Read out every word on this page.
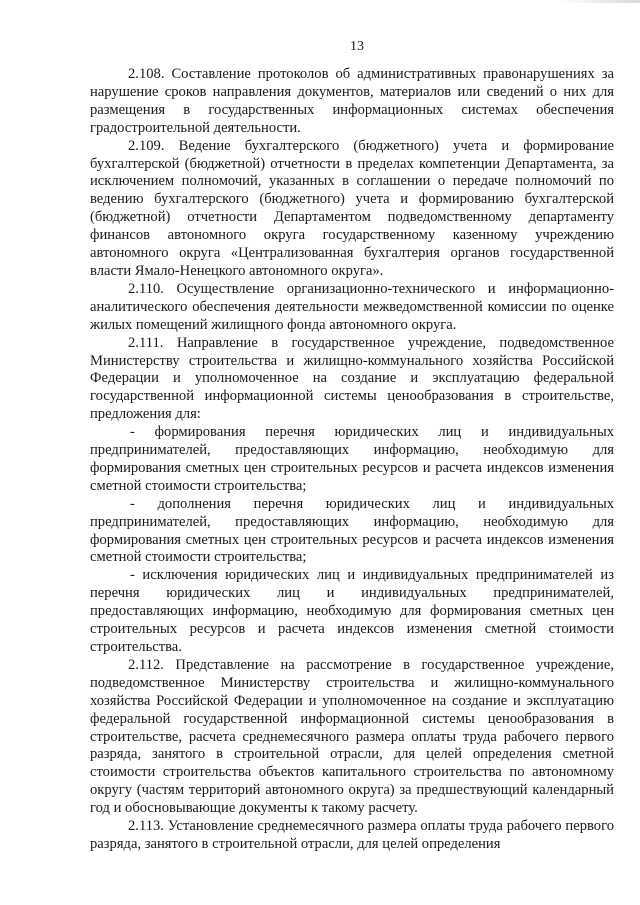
13

2.108. Составление протоколов об административных правонарушениях за нарушение сроков направления документов, материалов или сведений о них для размещения в государственных информационных системах обеспечения градостроительной деятельности.

2.109. Ведение бухгалтерского (бюджетного) учета и формирование бухгалтерской (бюджетной) отчетности в пределах компетенции Департамента, за исключением полномочий, указанных в соглашении о передаче полномочий по ведению бухгалтерского (бюджетного) учета и формированию бухгалтерской (бюджетной) отчетности Департаментом подведомственному департаменту финансов автономного округа государственному казенному учреждению автономного округа «Централизованная бухгалтерия органов государственной власти Ямало-Ненецкого автономного округа».

2.110. Осуществление организационно-технического и информационно-аналитического обеспечения деятельности межведомственной комиссии по оценке жилых помещений жилищного фонда автономного округа.

2.111. Направление в государственное учреждение, подведомственное Министерству строительства и жилищно-коммунального хозяйства Российской Федерации и уполномоченное на создание и эксплуатацию федеральной государственной информационной системы ценообразования в строительстве, предложения для:

- формирования перечня юридических лиц и индивидуальных предпринимателей, предоставляющих информацию, необходимую для формирования сметных цен строительных ресурсов и расчета индексов изменения сметной стоимости строительства;

- дополнения перечня юридических лиц и индивидуальных предпринимателей, предоставляющих информацию, необходимую для формирования сметных цен строительных ресурсов и расчета индексов изменения сметной стоимости строительства;

- исключения юридических лиц и индивидуальных предпринимателей из перечня юридических лиц и индивидуальных предпринимателей, предоставляющих информацию, необходимую для формирования сметных цен строительных ресурсов и расчета индексов изменения сметной стоимости строительства.

2.112. Представление на рассмотрение в государственное учреждение, подведомственное Министерству строительства и жилищно-коммунального хозяйства Российской Федерации и уполномоченное на создание и эксплуатацию федеральной государственной информационной системы ценообразования в строительстве, расчета среднемесячного размера оплаты труда рабочего первого разряда, занятого в строительной отрасли, для целей определения сметной стоимости строительства объектов капитального строительства по автономному округу (частям территорий автономного округа) за предшествующий календарный год и обосновывающие документы к такому расчету.

2.113. Установление среднемесячного размера оплаты труда рабочего первого разряда, занятого в строительной отрасли, для целей определения
